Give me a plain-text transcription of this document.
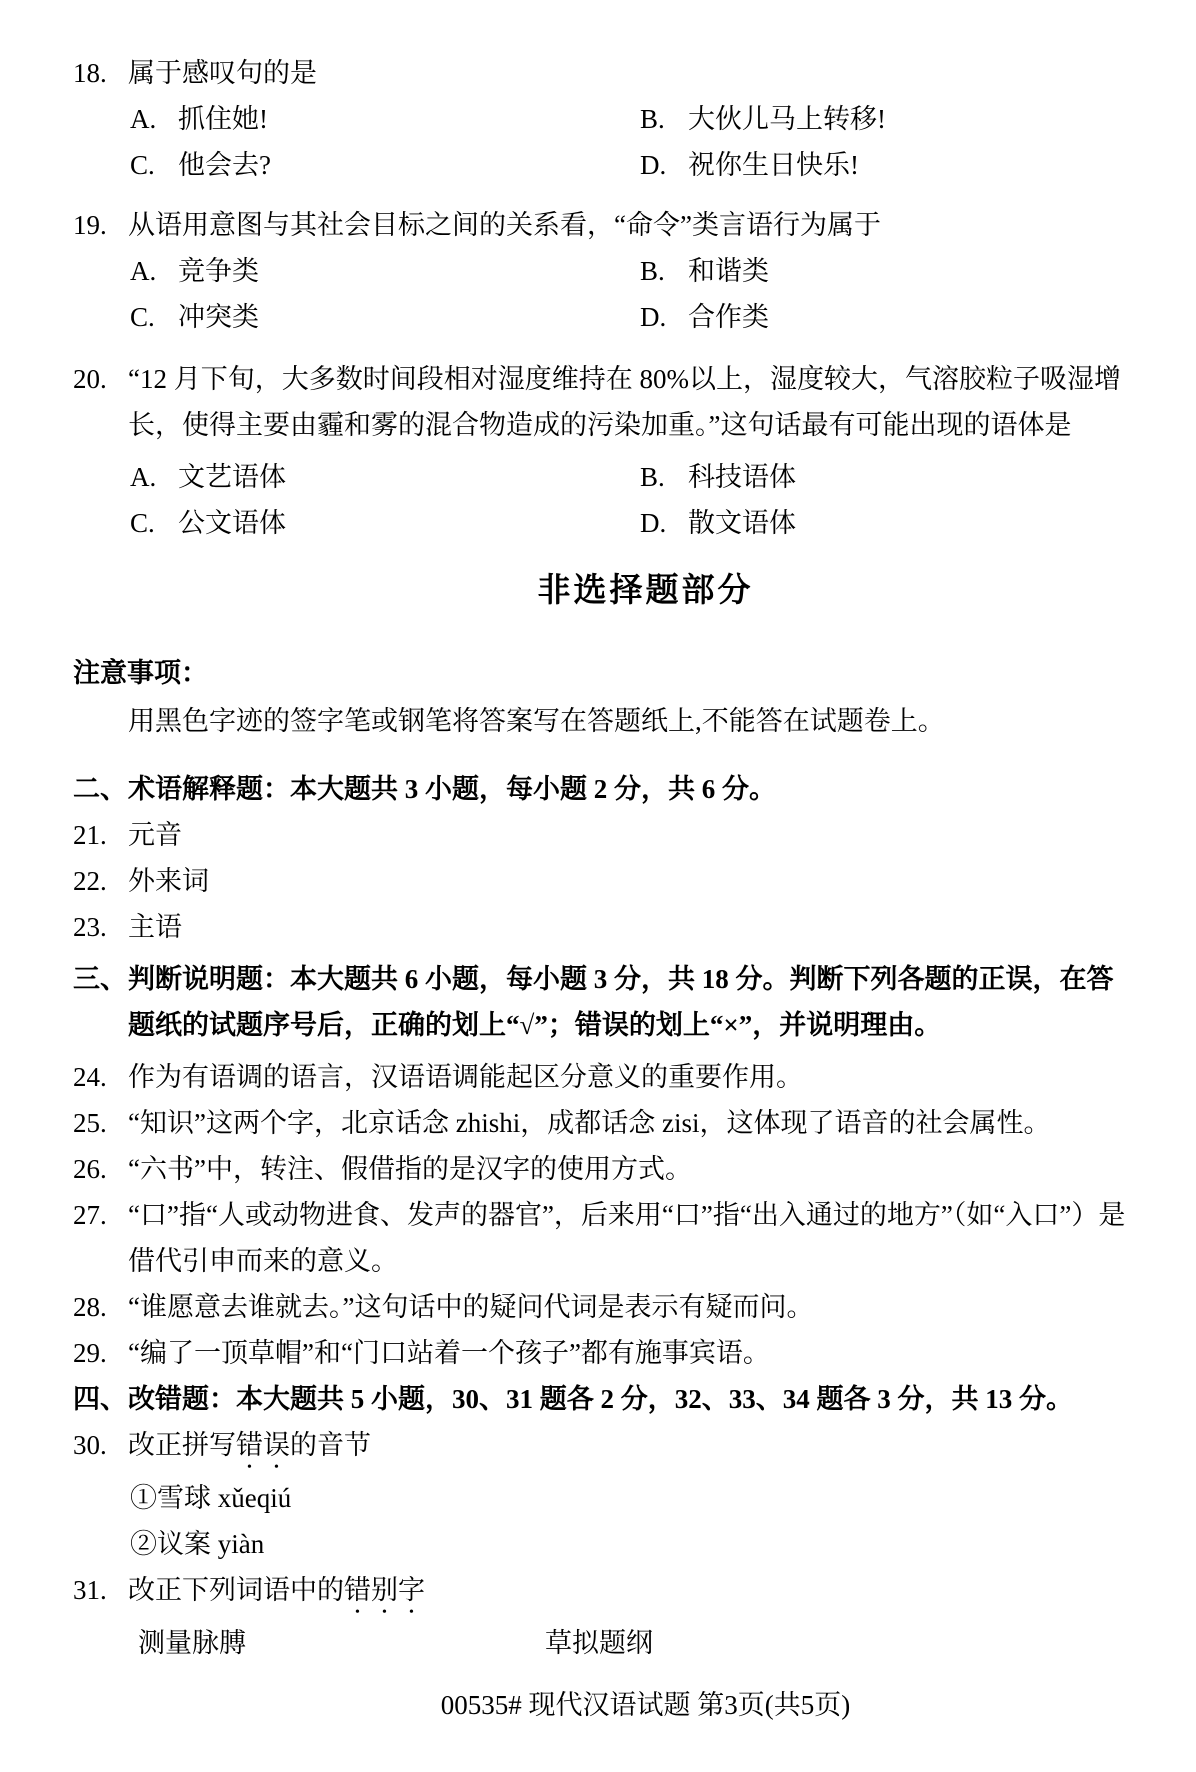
18. 属于感叹句的是
A. 抓住她!	B. 大伙儿马上转移!
C. 他会去?	D. 祝你生日快乐!
19. 从语用意图与其社会目标之间的关系看，“命令”类言语行为属于
A. 竞争类	B. 和谐类
C. 冲突类	D. 合作类
20. “12 月下旬，大多数时间段相对湿度维持在 80%以上，湿度较大，气溶胶粒子吸湿增长，使得主要由霾和雾的混合物造成的污染加重。”这句话最有可能出现的语体是
A. 文艺语体	B. 科技语体
C. 公文语体	D. 散文语体
非选择题部分
注意事项：
用黑色字迹的签字笔或钢笔将答案写在答题纸上,不能答在试题卷上。
二、 术语解释题：本大题共 3 小题，每小题 2 分，共 6 分。
21. 元音
22. 外来词
23. 主语
三、 判断说明题：本大题共 6 小题，每小题 3 分，共 18 分。判断下列各题的正误，在答题纸的试题序号后，正确的划上“√”；错误的划上“×”，并说明理由。
24. 作为有语调的语言，汉语语调能起区分意义的重要作用。
25. “知识”这两个字，北京话念 zhishi，成都话念 zisi，这体现了语音的社会属性。
26. “六书”中，转注、假借指的是汉字的使用方式。
27. “口”指“人或动物进食、发声的器官”，后来用“口”指“出入通过的地方”（如“入口”）是借代引申而来的意义。
28. “谁愿意去谁就去。”这句话中的疑问代词是表示有疑而问。
29. “编了一顶草帽”和“门口站着一个孩子”都有施事宾语。
四、 改错题：本大题共 5 小题，30、31 题各 2 分，32、33、34 题各 3 分，共 13 分。
30. 改正拼写错误的音节
①雪球 xǔeqiú
②议案 yiàn
31. 改正下列词语中的错别字
测量脉膊	草拟题纲
00535# 现代汉语试题 第3页(共5页)
